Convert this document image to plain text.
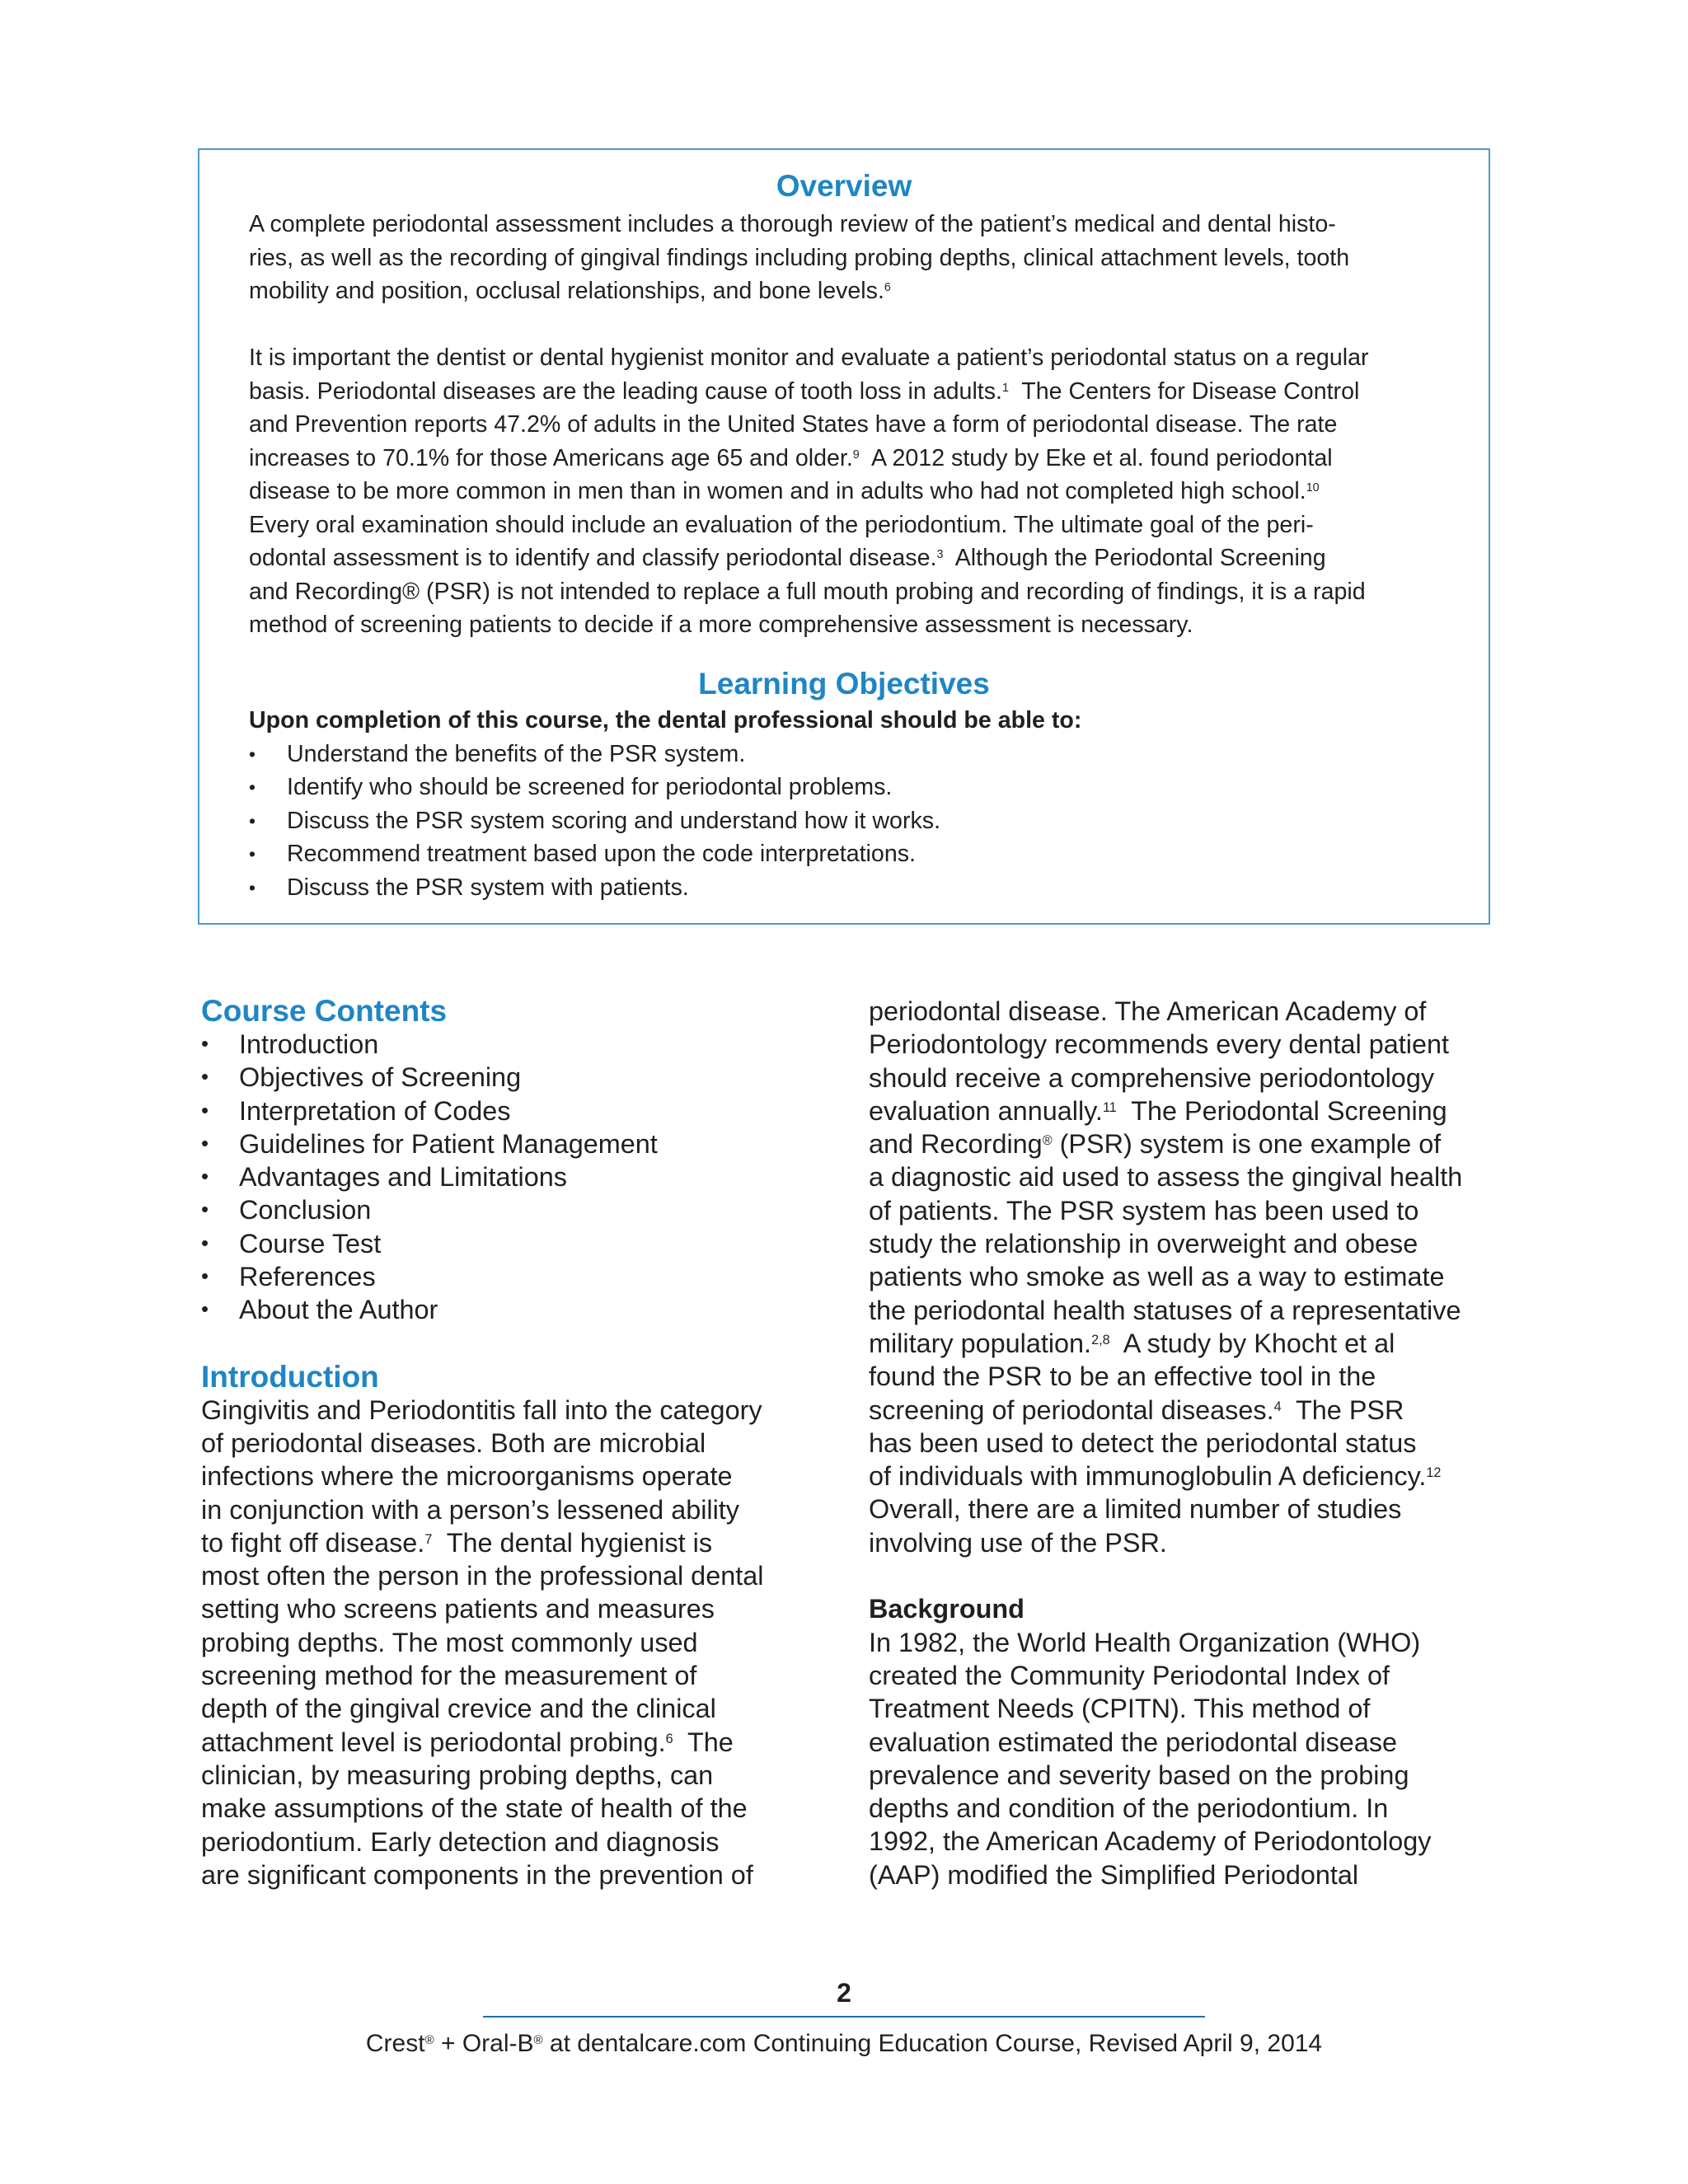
Overview

A complete periodontal assessment includes a thorough review of the patient’s medical and dental histo-
ries, as well as the recording of gingival findings including probing depths, clinical attachment levels, tooth
mobility and position, occlusal relationships, and bone levels.$^6$

It is important the dentist or dental hygienist monitor and evaluate a patient’s periodontal status on a regular
basis. Periodontal diseases are the leading cause of tooth loss in adults.$^1$  The Centers for Disease Control
and Prevention reports 47.2% of adults in the United States have a form of periodontal disease. The rate
increases to 70.1% for those Americans age 65 and older.$^9$  A 2012 study by Eke et al. found periodontal
disease to be more common in men than in women and in adults who had not completed high school.$^{10}$
Every oral examination should include an evaluation of the periodontium. The ultimate goal of the peri-
odontal assessment is to identify and classify periodontal disease.$^3$  Although the Periodontal Screening
and Recording® (PSR) is not intended to replace a full mouth probing and recording of findings, it is a rapid
method of screening patients to decide if a more comprehensive assessment is necessary.

Learning Objectives

Upon completion of this course, the dental professional should be able to:

• Understand the benefits of the PSR system.
• Identify who should be screened for periodontal problems.
• Discuss the PSR system scoring and understand how it works.
• Recommend treatment based upon the code interpretations.
• Discuss the PSR system with patients.
Course Contents
• Introduction
• Objectives of Screening
• Interpretation of Codes
• Guidelines for Patient Management
• Advantages and Limitations
• Conclusion
• Course Test
• References
• About the Author
Introduction

Gingivitis and Periodontitis fall into the category
of periodontal diseases. Both are microbial
infections where the microorganisms operate
in conjunction with a person’s lessened ability
to fight off disease.$^7$  The dental hygienist is
most often the person in the professional dental
setting who screens patients and measures
probing depths. The most commonly used
screening method for the measurement of
depth of the gingival crevice and the clinical
attachment level is periodontal probing.$^6$  The
clinician, by measuring probing depths, can
make assumptions of the state of health of the
periodontium. Early detection and diagnosis
are significant components in the prevention of

periodontal disease. The American Academy of
Periodontology recommends every dental patient
should receive a comprehensive periodontology
evaluation annually.$^{11}$  The Periodontal Screening
and Recording® (PSR) system is one example of
a diagnostic aid used to assess the gingival health
of patients. The PSR system has been used to
study the relationship in overweight and obese
patients who smoke as well as a way to estimate
the periodontal health statuses of a representative
military population.$^{2,8}$  A study by Khocht et al
found the PSR to be an effective tool in the
screening of periodontal diseases.$^4$  The PSR
has been used to detect the periodontal status
of individuals with immunoglobulin A deficiency.$^{12}$
Overall, there are a limited number of studies
involving use of the PSR.

Background

In 1982, the World Health Organization (WHO)
created the Community Periodontal Index of
Treatment Needs (CPITN). This method of
evaluation estimated the periodontal disease
prevalence and severity based on the probing
depths and condition of the periodontium. In
1992, the American Academy of Periodontology
(AAP) modified the Simplified Periodontal

2
Crest® + Oral-B® at dentalcare.com Continuing Education Course, Revised April 9, 2014
